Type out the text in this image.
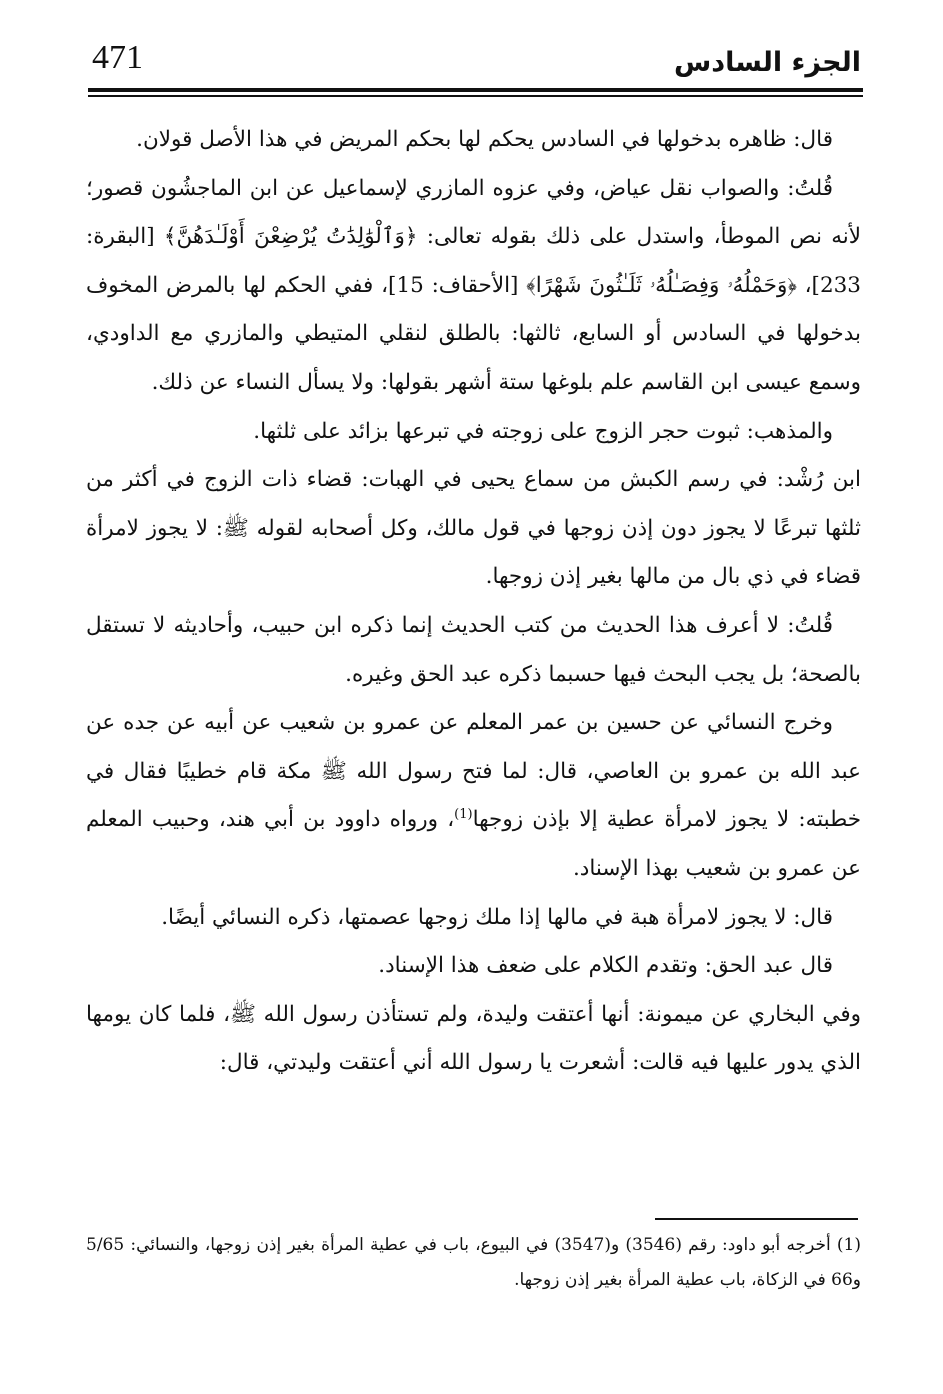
471	الجزء السادس

قال: ظاهره بدخولها في السادس يحكم لها بحكم المريض في هذا الأصل قولان.

قُلتُ: والصواب نقل عياض، وفي عزوه المازري لإسماعيل عن ابن الماجشُون قصور؛ لأنه نص الموطأ، واستدل على ذلك بقوله تعالى: ﴿وَٱلْوَٰلِدَٰتُ يُرْضِعْنَ أَوْلَـٰدَهُنَّ﴾ [البقرة: 233]، ﴿وَحَمْلُهُۥ وَفِصَـٰلُهُۥ ثَلَـٰثُونَ شَهْرًا﴾ [الأحقاف: 15]، ففي الحكم لها بالمرض المخوف بدخولها في السادس أو السابع، ثالثها: بالطلق لنقلي المتيطي والمازري مع الداودي، وسمع عيسى ابن القاسم علم بلوغها ستة أشهر بقولها: ولا يسأل النساء عن ذلك.

والمذهب: ثبوت حجر الزوج على زوجته في تبرعها بزائد على ثلثها.

ابن رُشْد: في رسم الكبش من سماع يحيى في الهبات: قضاء ذات الزوج في أكثر من ثلثها تبرعًا لا يجوز دون إذن زوجها في قول مالك، وكل أصحابه لقوله ﷺ: لا يجوز لامرأة قضاء في ذي بال من مالها بغير إذن زوجها.

قُلتُ: لا أعرف هذا الحديث من كتب الحديث إنما ذكره ابن حبيب، وأحاديثه لا تستقل بالصحة؛ بل يجب البحث فيها حسبما ذكره عبد الحق وغيره.

وخرج النسائي عن حسين بن عمر المعلم عن عمرو بن شعيب عن أبيه عن جده عن عبد الله بن عمرو بن العاصي، قال: لما فتح رسول الله ﷺ مكة قام خطيبًا فقال في خطبته: لا يجوز لامرأة عطية إلا بإذن زوجها$^{(1)}$، ورواه داوود بن أبي هند، وحبيب المعلم عن عمرو بن شعيب بهذا الإسناد.

قال: لا يجوز لامرأة هبة في مالها إذا ملك زوجها عصمتها، ذكره النسائي أيضًا.

قال عبد الحق: وتقدم الكلام على ضعف هذا الإسناد.

وفي البخاري عن ميمونة: أنها أعتقت وليدة، ولم تستأذن رسول الله ﷺ، فلما كان يومها الذي يدور عليها فيه قالت: أشعرت يا رسول الله أني أعتقت وليدتي، قال:

(1) أخرجه أبو داود: رقم (3546) و(3547) في البيوع، باب في عطية المرأة بغير إذن زوجها، والنسائي: 5/65 و66 في الزكاة، باب عطية المرأة بغير إذن زوجها.
